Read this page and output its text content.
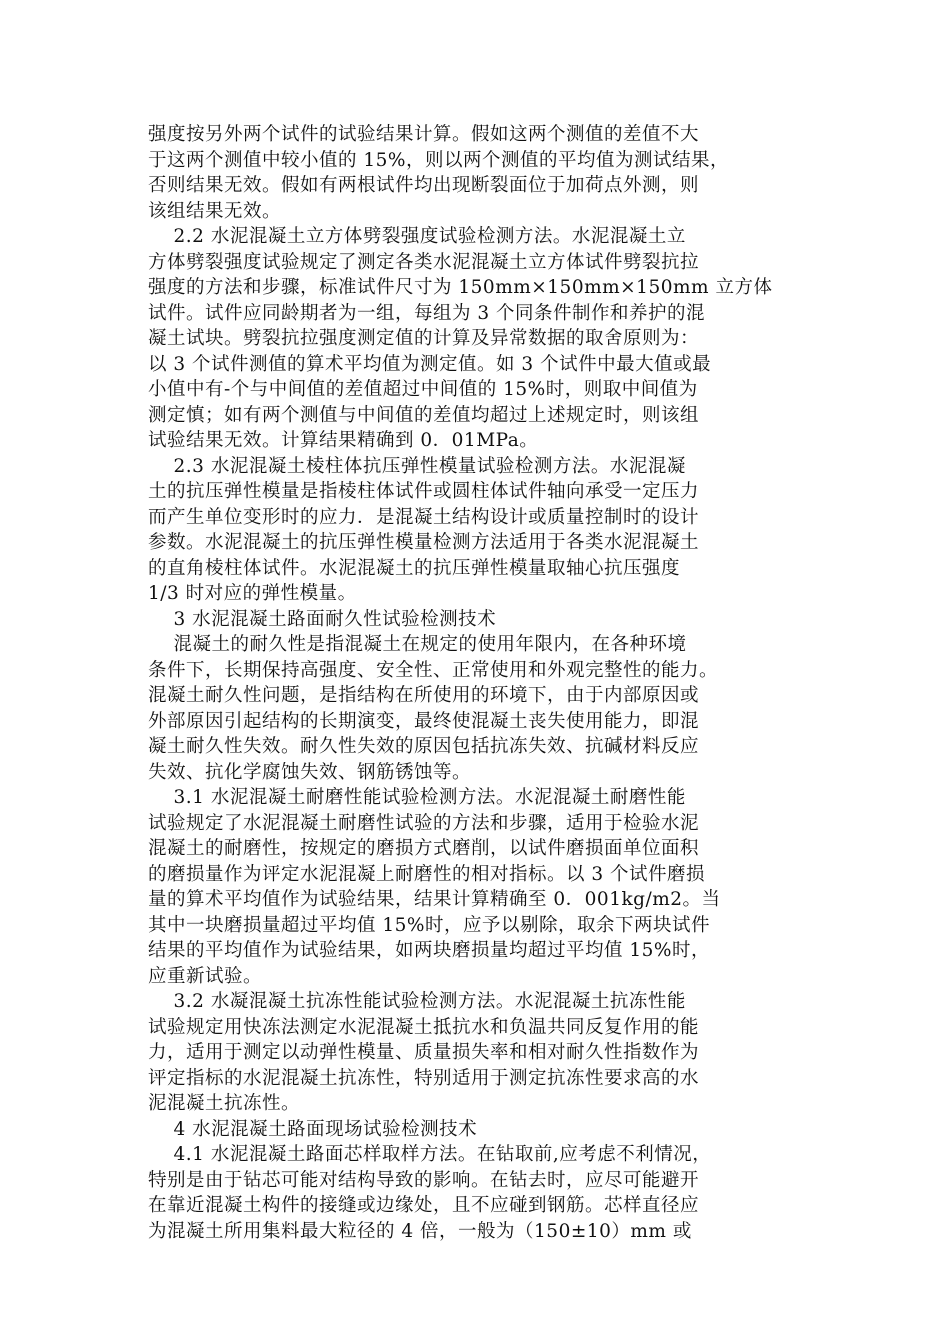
强度按另外两个试件的试验结果计算。假如这两个测值的差值不大
于这两个测值中较小值的 15%，则以两个测值的平均值为测试结果，
否则结果无效。假如有两根试件均出现断裂面位于加荷点外测，则
该组结果无效。
2.2 水泥混凝土立方体劈裂强度试验检测方法。水泥混凝土立
方体劈裂强度试验规定了测定各类水泥混凝土立方体试件劈裂抗拉
强度的方法和步骤，标准试件尺寸为 150mm×150mm×150mm 立方体
试件。试件应同龄期者为一组，每组为 3 个同条件制作和养护的混
凝土试块。劈裂抗拉强度测定值的计算及异常数据的取舍原则为：
以 3 个试件测值的算术平均值为测定值。如 3 个试件中最大值或最
小值中有-个与中间值的差值超过中间值的 15%时，则取中间值为
测定慎；如有两个测值与中间值的差值均超过上述规定时，则该组
试验结果无效。计算结果精确到 0．01MPa。
2.3 水泥混凝土棱柱体抗压弹性模量试验检测方法。水泥混凝
土的抗压弹性模量是指棱柱体试件或圆柱体试件轴向承受一定压力
而产生单位变形时的应力．是混凝土结构设计或质量控制时的设计
参数。水泥混凝土的抗压弹性模量检测方法适用于各类水泥混凝土
的直角棱柱体试件。水泥混凝土的抗压弹性模量取轴心抗压强度
1/3 时对应的弹性模量。
3 水泥混凝土路面耐久性试验检测技术
混凝土的耐久性是指混凝土在规定的使用年限内，在各种环境
条件下，长期保持高强度、安全性、正常使用和外观完整性的能力。
混凝土耐久性问题，是指结构在所使用的环境下，由于内部原因或
外部原因引起结构的长期演变，最终使混凝土丧失使用能力，即混
凝土耐久性失效。耐久性失效的原因包括抗冻失效、抗碱材料反应
失效、抗化学腐蚀失效、钢筋锈蚀等。
3.1 水泥混凝土耐磨性能试验检测方法。水泥混凝土耐磨性能
试验规定了水泥混凝土耐磨性试验的方法和步骤，适用于检验水泥
混凝土的耐磨性，按规定的磨损方式磨削，以试件磨损面单位面积
的磨损量作为评定水泥混凝上耐磨性的相对指标。以 3 个试件磨损
量的算术平均值作为试验结果，结果计算精确至 0．001kg/m2。当
其中一块磨损量超过平均值 15%时，应予以剔除，取余下两块试件
结果的平均值作为试验结果，如两块磨损量均超过平均值 15%时，
应重新试验。
3.2 水凝混凝土抗冻性能试验检测方法。水泥混凝土抗冻性能
试验规定用快冻法测定水泥混凝土抵抗水和负温共同反复作用的能
力，适用于测定以动弹性模量、质量损失率和相对耐久性指数作为
评定指标的水泥混凝土抗冻性，特别适用于测定抗冻性要求高的水
泥混凝土抗冻性。
4 水泥混凝土路面现场试验检测技术
4.1 水泥混凝土路面芯样取样方法。在钻取前,应考虑不利情况，
特别是由于钻芯可能对结构导致的影响。在钻去时，应尽可能避开
在靠近混凝土构件的接缝或边缘处，且不应碰到钢筋。芯样直径应
为混凝土所用集料最大粒径的 4 倍，一般为（150±10）mm 或
